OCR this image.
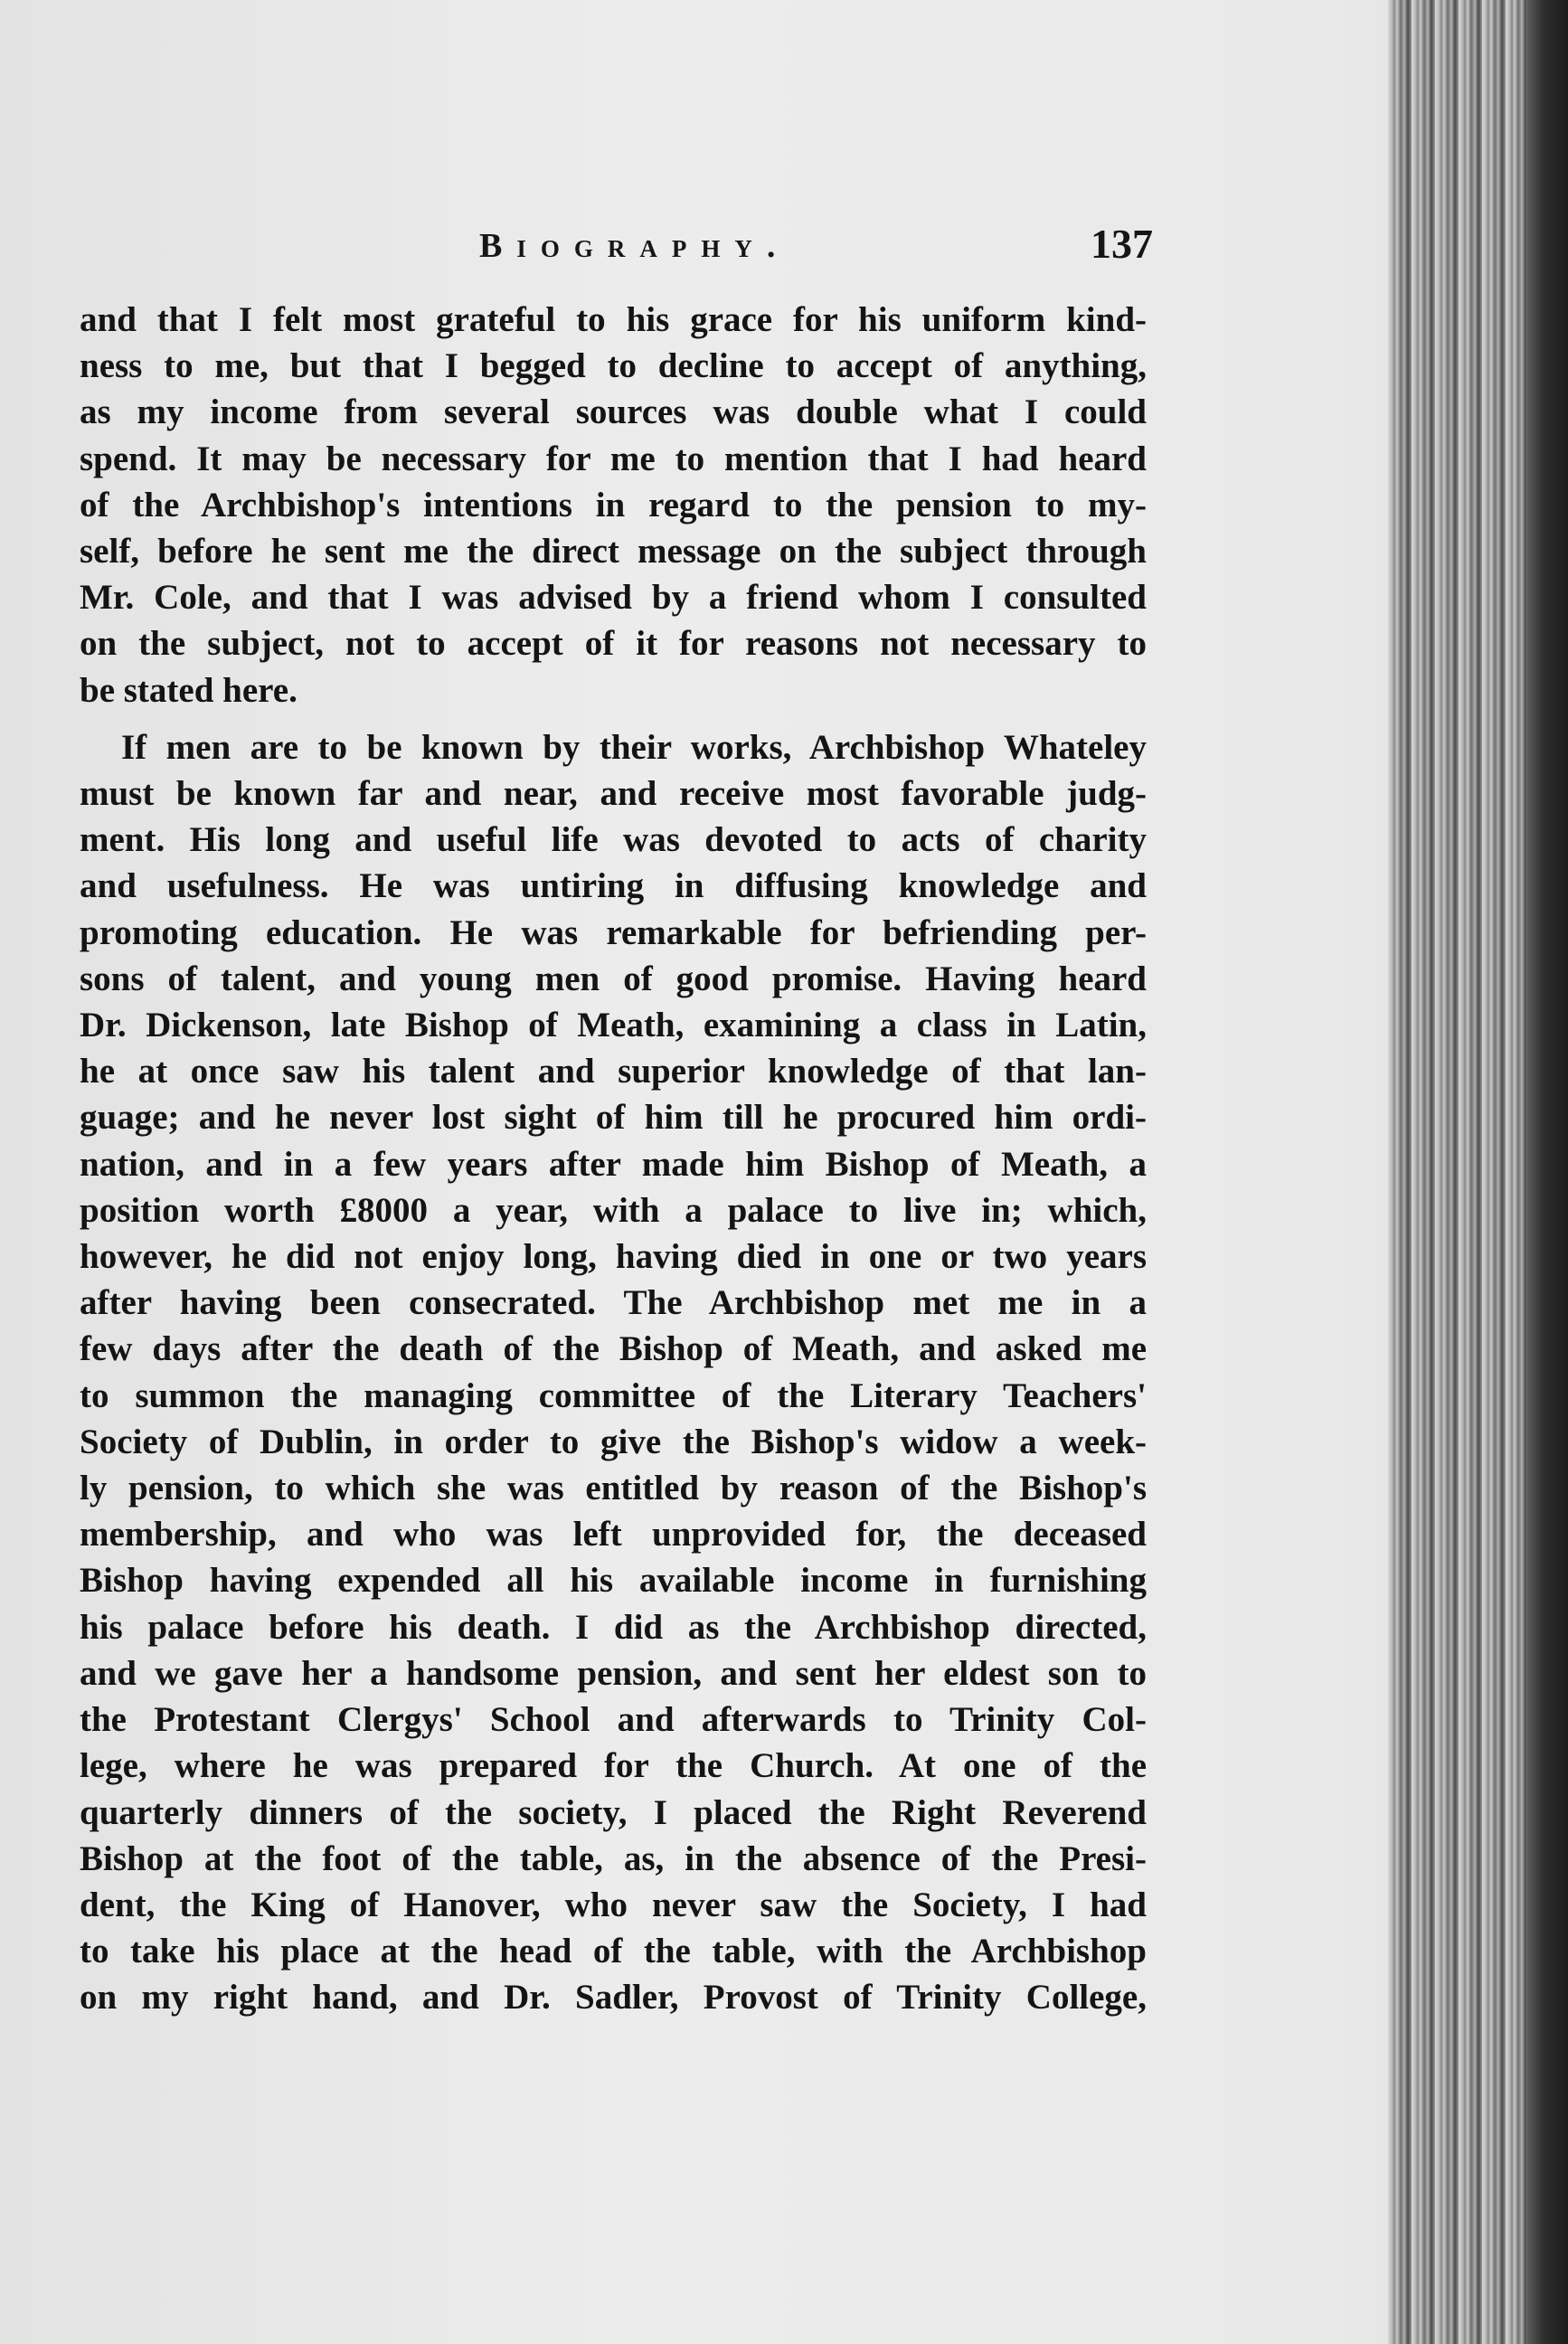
Biography.	137
and that I felt most grateful to his grace for his uniform kind-
ness to me, but that I begged to decline to accept of anything,
as my income from several sources was double what I could
spend. It may be necessary for me to mention that I had heard
of the Archbishop's intentions in regard to the pension to my-
self, before he sent me the direct message on the subject through
Mr. Cole, and that I was advised by a friend whom I consulted
on the subject, not to accept of it for reasons not necessary to
be stated here.
If men are to be known by their works, Archbishop Whateley
must be known far and near, and receive most favorable judg-
ment. His long and useful life was devoted to acts of charity
and usefulness. He was untiring in diffusing knowledge and
promoting education. He was remarkable for befriending per-
sons of talent, and young men of good promise. Having heard
Dr. Dickenson, late Bishop of Meath, examining a class in Latin,
he at once saw his talent and superior knowledge of that lan-
guage; and he never lost sight of him till he procured him ordi-
nation, and in a few years after made him Bishop of Meath, a
position worth £8000 a year, with a palace to live in; which,
however, he did not enjoy long, having died in one or two years
after having been consecrated. The Archbishop met me in a
few days after the death of the Bishop of Meath, and asked me
to summon the managing committee of the Literary Teachers'
Society of Dublin, in order to give the Bishop's widow a week-
ly pension, to which she was entitled by reason of the Bishop's
membership, and who was left unprovided for, the deceased
Bishop having expended all his available income in furnishing
his palace before his death. I did as the Archbishop directed,
and we gave her a handsome pension, and sent her eldest son to
the Protestant Clergys' School and afterwards to Trinity Col-
lege, where he was prepared for the Church. At one of the
quarterly dinners of the society, I placed the Right Reverend
Bishop at the foot of the table, as, in the absence of the Presi-
dent, the King of Hanover, who never saw the Society, I had
to take his place at the head of the table, with the Archbishop
on my right hand, and Dr. Sadler, Provost of Trinity College,
